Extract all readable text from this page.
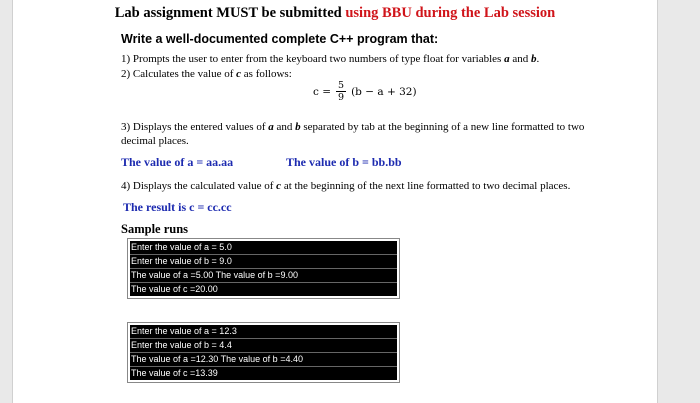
Lab assignment MUST be submitted using BBU during the Lab session
Write a well-documented complete C++ program that:
1) Prompts the user to enter from the keyboard two numbers of type float for variables a and b.
2) Calculates the value of c as follows:
$c = \frac{5}{9} (b - a + 32)$
3) Displays the entered values of a and b separated by tab at the beginning of a new line formatted to two
decimal places.
The value of a = aa.aa	The value of b = bb.bb
4) Displays the calculated value of c at the beginning of the next line formatted to two decimal places.
The result is c = cc.cc
Sample runs
Enter the value of a = 5.0
Enter the value of b = 9.0
The value of a =5.00 The value of b =9.00
The value of c =20.00
Enter the value of a = 12.3
Enter the value of b = 4.4
The value of a =12.30 The value of b =4.40
The value of c =13.39
